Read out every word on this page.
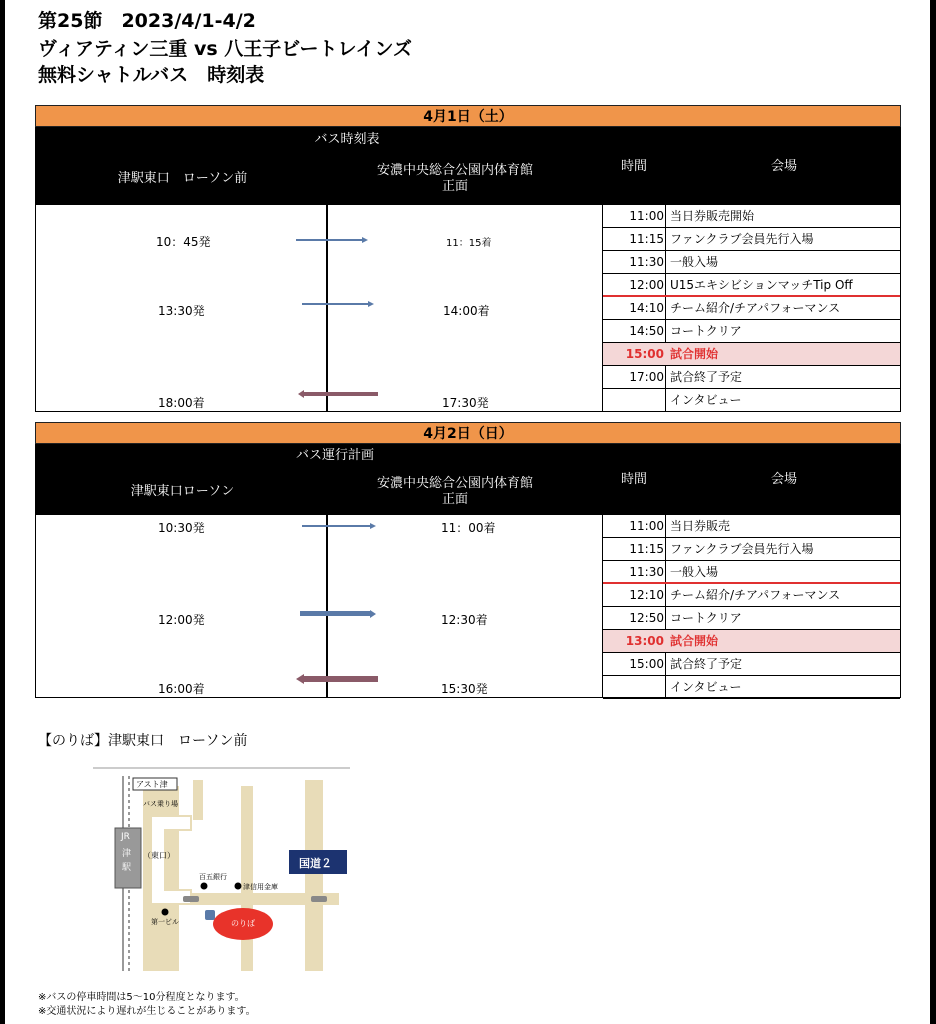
第25節　2023/4/1-4/2
ヴィアティン三重 vs 八王子ビートレインズ
無料シャトルバス　時刻表
4月1日（土）
バス時刻表
津駅東口　ローソン前
安濃中央総合公園内体育館
正面
時間	会場
10：45発	11：15着
13:30発	14:00着
18:00着	17:30発
11:00 当日券販売開始
11:15 ファンクラブ会員先行入場
11:30 一般入場
12:00 U15エキシビションマッチTip Off
14:10 チーム紹介/チアパフォーマンス
14:50 コートクリア
15:00 試合開始
17:00 試合終了予定
インタビュー
4月2日（日）
バス運行計画
津駅東口ローソン
安濃中央総合公園内体育館
正面
時間	会場
10:30発	11：00着
12:00発	12:30着
16:00着	15:30発
11:00 当日券販売
11:15 ファンクラブ会員先行入場
11:30 一般入場
12:10 チーム紹介/チアパフォーマンス
12:50 コートクリア
13:00 試合開始
15:00 試合終了予定
インタビュー
【のりば】津駅東口　ローソン前
アスト津
バス乗り場
JR
津
駅
（東口）
百五銀行
津信用金庫
第一ビル	のりば
国道２
※バスの停車時間は5～10分程度となります。
※交通状況により遅れが生じることがあります。
